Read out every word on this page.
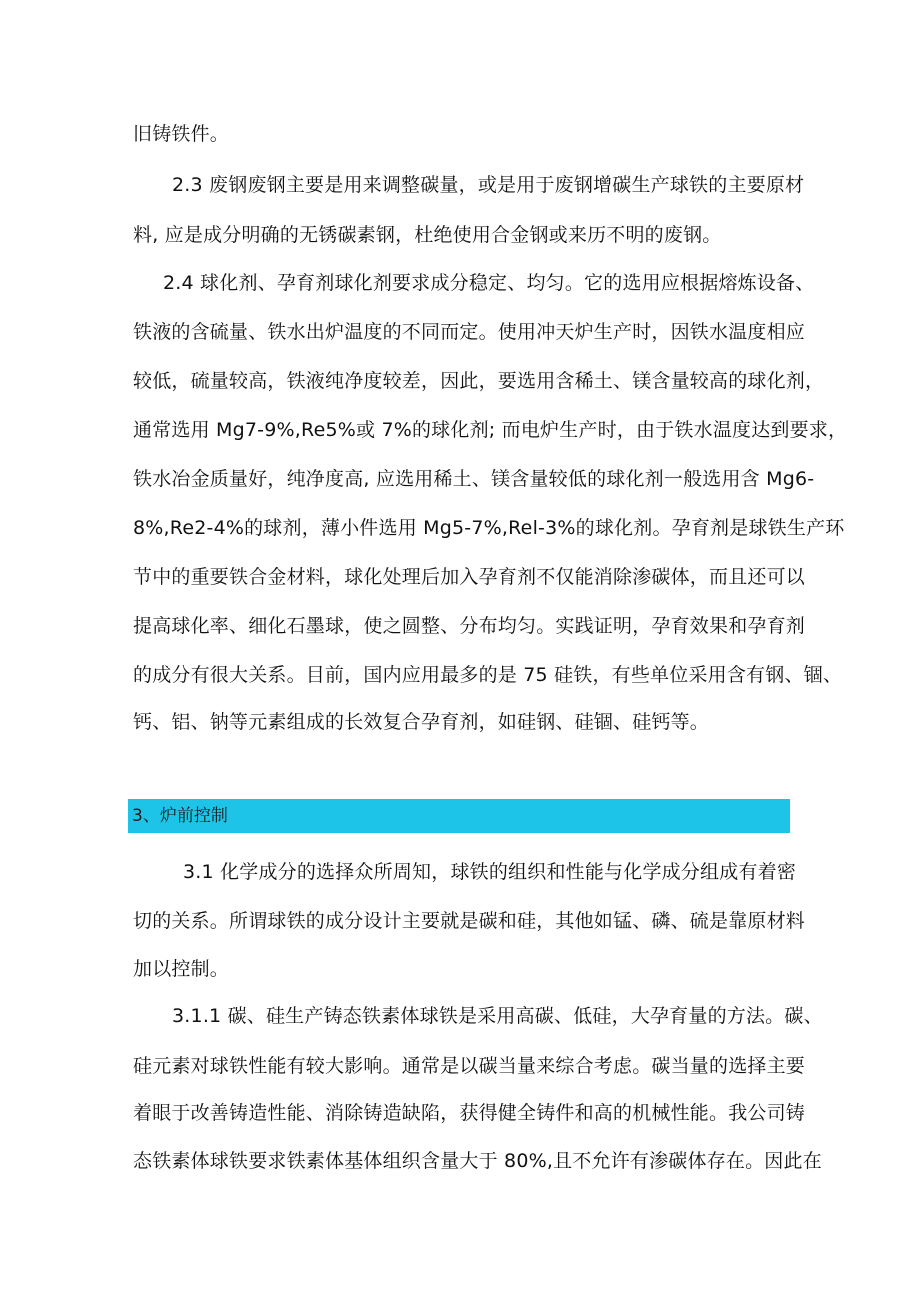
旧铸铁件。
2.3 废钢废钢主要是用来调整碳量，或是用于废钢增碳生产球铁的主要原材
料, 应是成分明确的无锈碳素钢，杜绝使用合金钢或来历不明的废钢。
2.4 球化剂、孕育剂球化剂要求成分稳定、均匀。它的选用应根据熔炼设备、
铁液的含硫量、铁水出炉温度的不同而定。使用冲天炉生产时，因铁水温度相应
较低，硫量较高，铁液纯净度较差，因此，要选用含稀土、镁含量较高的球化剂，
通常选用 Mg7-9%,Re5%或 7%的球化剂; 而电炉生产时，由于铁水温度达到要求，
铁水冶金质量好，纯净度高, 应选用稀土、镁含量较低的球化剂一般选用含 Mg6-
8%,Re2-4%的球剂，薄小件选用 Mg5-7%,Rel-3%的球化剂。孕育剂是球铁生产环
节中的重要铁合金材料，球化处理后加入孕育剂不仅能消除渗碳体，而且还可以
提高球化率、细化石墨球，使之圆整、分布均匀。实践证明，孕育效果和孕育剂
的成分有很大关系。目前，国内应用最多的是 75 硅铁，有些单位采用含有钢、锢、
钙、铝、钠等元素组成的长效复合孕育剂，如硅钢、硅锢、硅钙等。
3、炉前控制
3.1 化学成分的选择众所周知，球铁的组织和性能与化学成分组成有着密
切的关系。所谓球铁的成分设计主要就是碳和硅，其他如锰、磷、硫是靠原材料
加以控制。
3.1.1 碳、硅生产铸态铁素体球铁是采用高碳、低硅，大孕育量的方法。碳、
硅元素对球铁性能有较大影响。通常是以碳当量来综合考虑。碳当量的选择主要
着眼于改善铸造性能、消除铸造缺陷，获得健全铸件和高的机械性能。我公司铸
态铁素体球铁要求铁素体基体组织含量大于 80%,且不允许有渗碳体存在。因此在
